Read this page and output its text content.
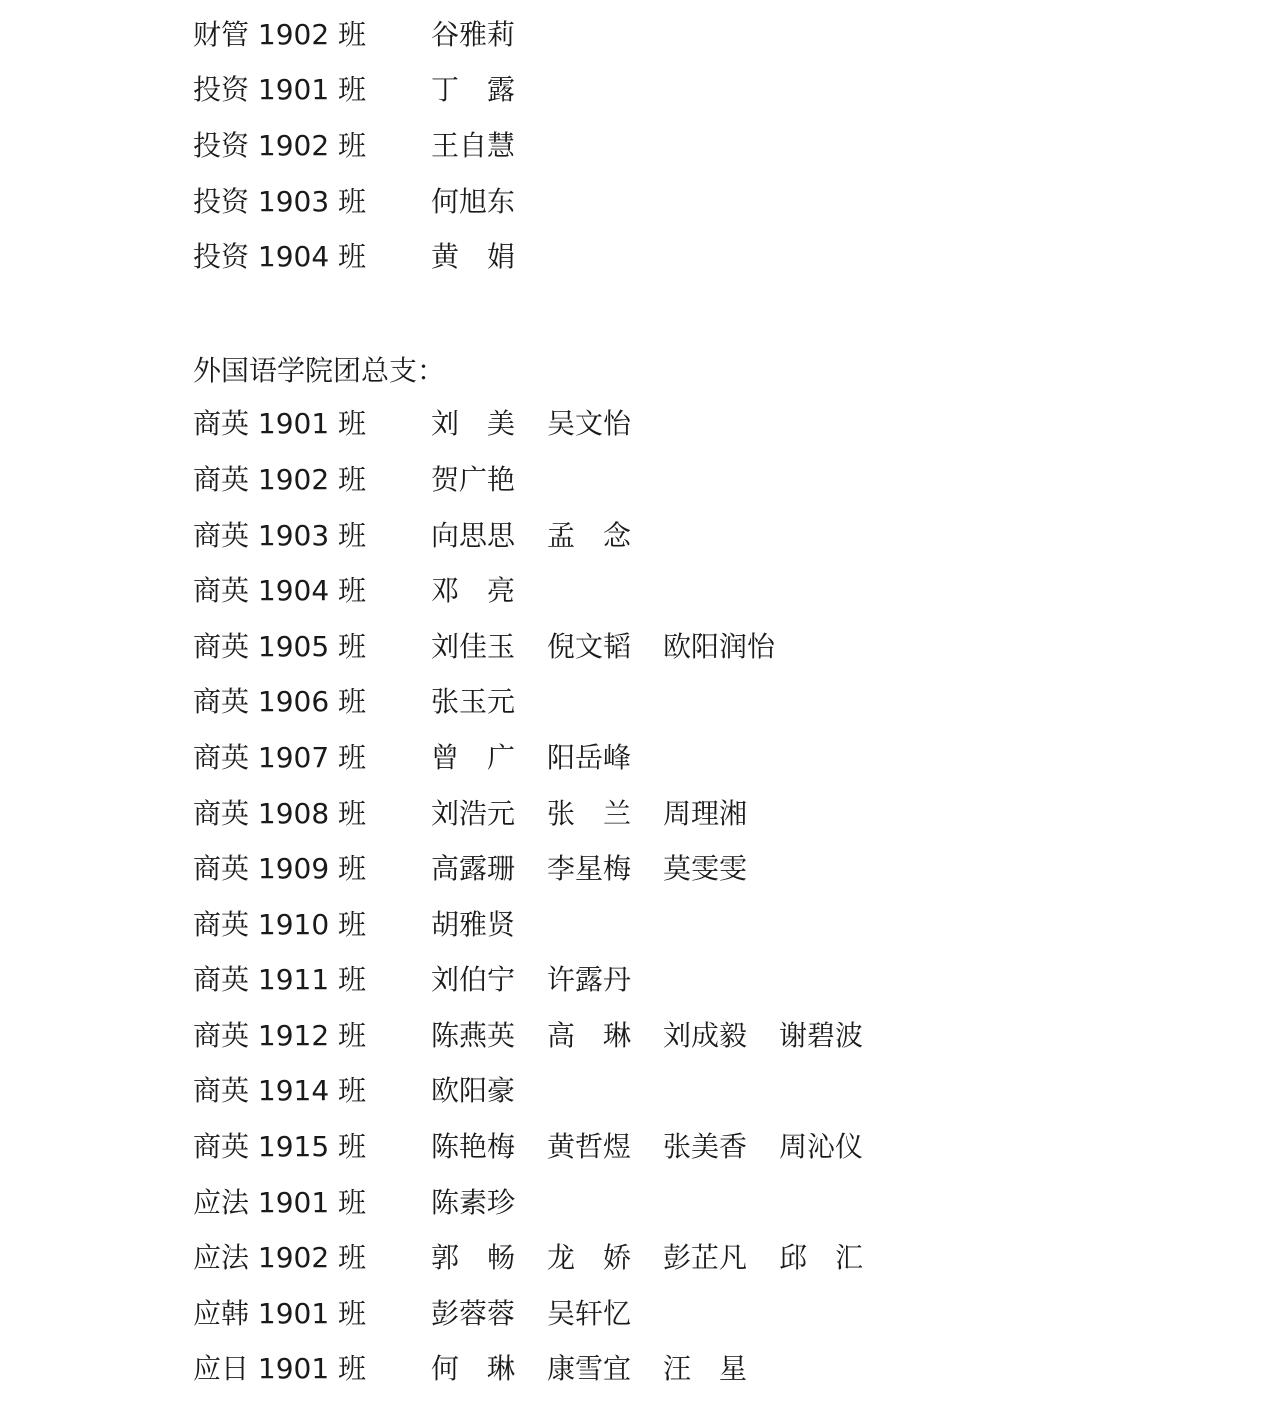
财管 1902 班	谷雅莉
投资 1901 班	丁　露
投资 1902 班	王自慧
投资 1903 班	何旭东
投资 1904 班	黄　娟
外国语学院团总支：
商英 1901 班	刘　美 吴文怡
商英 1902 班	贺广艳
商英 1903 班	向思思 孟　念
商英 1904 班	邓　亮
商英 1905 班	刘佳玉 倪文韬 欧阳润怡
商英 1906 班	张玉元
商英 1907 班	曾　广 阳岳峰
商英 1908 班	刘浩元 张　兰 周理湘
商英 1909 班	高露珊 李星梅 莫雯雯
商英 1910 班	胡雅贤
商英 1911 班	刘伯宁 许露丹
商英 1912 班	陈燕英 高　琳 刘成毅 谢碧波
商英 1914 班	欧阳豪
商英 1915 班	陈艳梅 黄哲煜 张美香 周沁仪
应法 1901 班	陈素珍
应法 1902 班	郭　畅 龙　娇 彭芷凡 邱　汇
应韩 1901 班	彭蓉蓉 吴轩忆
应日 1901 班	何　琳 康雪宜 汪　星
